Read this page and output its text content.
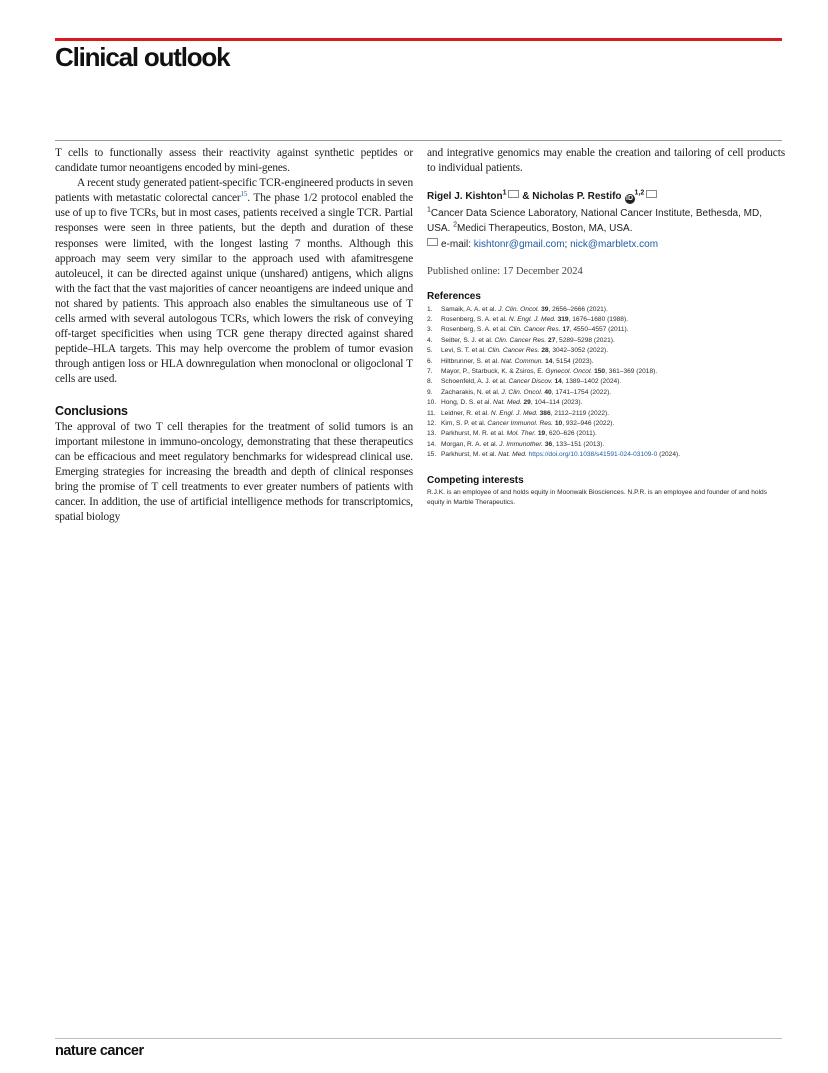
Clinical outlook

T cells to functionally assess their reactivity against synthetic peptides or candidate tumor neoantigens encoded by mini-genes.

A recent study generated patient-specific TCR-engineered products in seven patients with metastatic colorectal cancer$^{15}$. The phase 1/2 protocol enabled the use of up to five TCRs, but in most cases, patients received a single TCR. Partial responses were seen in three patients, but the depth and duration of these responses were limited, with the longest lasting 7 months. Although this approach may seem very similar to the approach used with afamitresgene autoleucel, it can be directed against unique (unshared) antigens, which aligns with the fact that the vast majorities of cancer neoantigens are indeed unique and not shared by patients. This approach also enables the simultaneous use of T cells armed with several autologous TCRs, which lowers the risk of conveying off-target specificities when using TCR gene therapy directed against shared peptide–HLA targets. This may help overcome the problem of tumor evasion through antigen loss or HLA downregulation when monoclonal or oligoclonal T cells are used.

Conclusions

The approval of two T cell therapies for the treatment of solid tumors is an important milestone in immuno-oncology, demonstrating that these therapeutics can be efficacious and meet regulatory benchmarks for widespread clinical use. Emerging strategies for increasing the breadth and depth of clinical responses bring the promise of T cell treatments to ever greater numbers of patients with cancer. In addition, the use of artificial intelligence methods for transcriptomics, spatial biology

and integrative genomics may enable the creation and tailoring of cell products to individual patients.

Rigel J. Kishton$^1$ & Nicholas P. Restifo iD$^{1,2}$

$^1$Cancer Data Science Laboratory, National Cancer Institute, Bethesda, MD, USA. $^2$Medici Therapeutics, Boston, MA, USA.

e-mail: kishtonr@gmail.com; nick@marbletx.com

Published online: 17 December 2024

References
1. Samaik, A. A. et al. J. Clin. Oncol. 39, 2656–2666 (2021).
2. Rosenberg, S. A. et al. N. Engl. J. Med. 319, 1676–1680 (1988).
3. Rosenberg, S. A. et al. Clin. Cancer Res. 17, 4550–4557 (2011).
4. Seitter, S. J. et al. Clin. Cancer Res. 27, 5289–5298 (2021).
5. Levi, S. T. et al. Clin. Cancer Res. 28, 3042–3052 (2022).
6. Hiltbrunner, S. et al. Nat. Commun. 14, 5154 (2023).
7. Mayor, P., Starbuck, K. & Zsiros, E. Gynecol. Oncol. 150, 361–369 (2018).
8. Schoenfeld, A. J. et al. Cancer Discov. 14, 1389–1402 (2024).
9. Zacharakis, N. et al. J. Clin. Oncol. 40, 1741–1754 (2022).
10. Hong, D. S. et al. Nat. Med. 29, 104–114 (2023).
11. Leidner, R. et al. N. Engl. J. Med. 386, 2112–2119 (2022).
12. Kim, S. P. et al. Cancer Immunol. Res. 10, 932–946 (2022).
13. Parkhurst, M. R. et al. Mol. Ther. 19, 620–626 (2011).
14. Morgan, R. A. et al. J. Immunother. 36, 133–151 (2013).
15. Parkhurst, M. et al. Nat. Med. https://doi.org/10.1038/s41591-024-03109-0 (2024).
Competing interests

R.J.K. is an employee of and holds equity in Moonwalk Biosciences. N.P.R. is an employee and founder of and holds equity in Marble Therapeutics.

nature cancer
